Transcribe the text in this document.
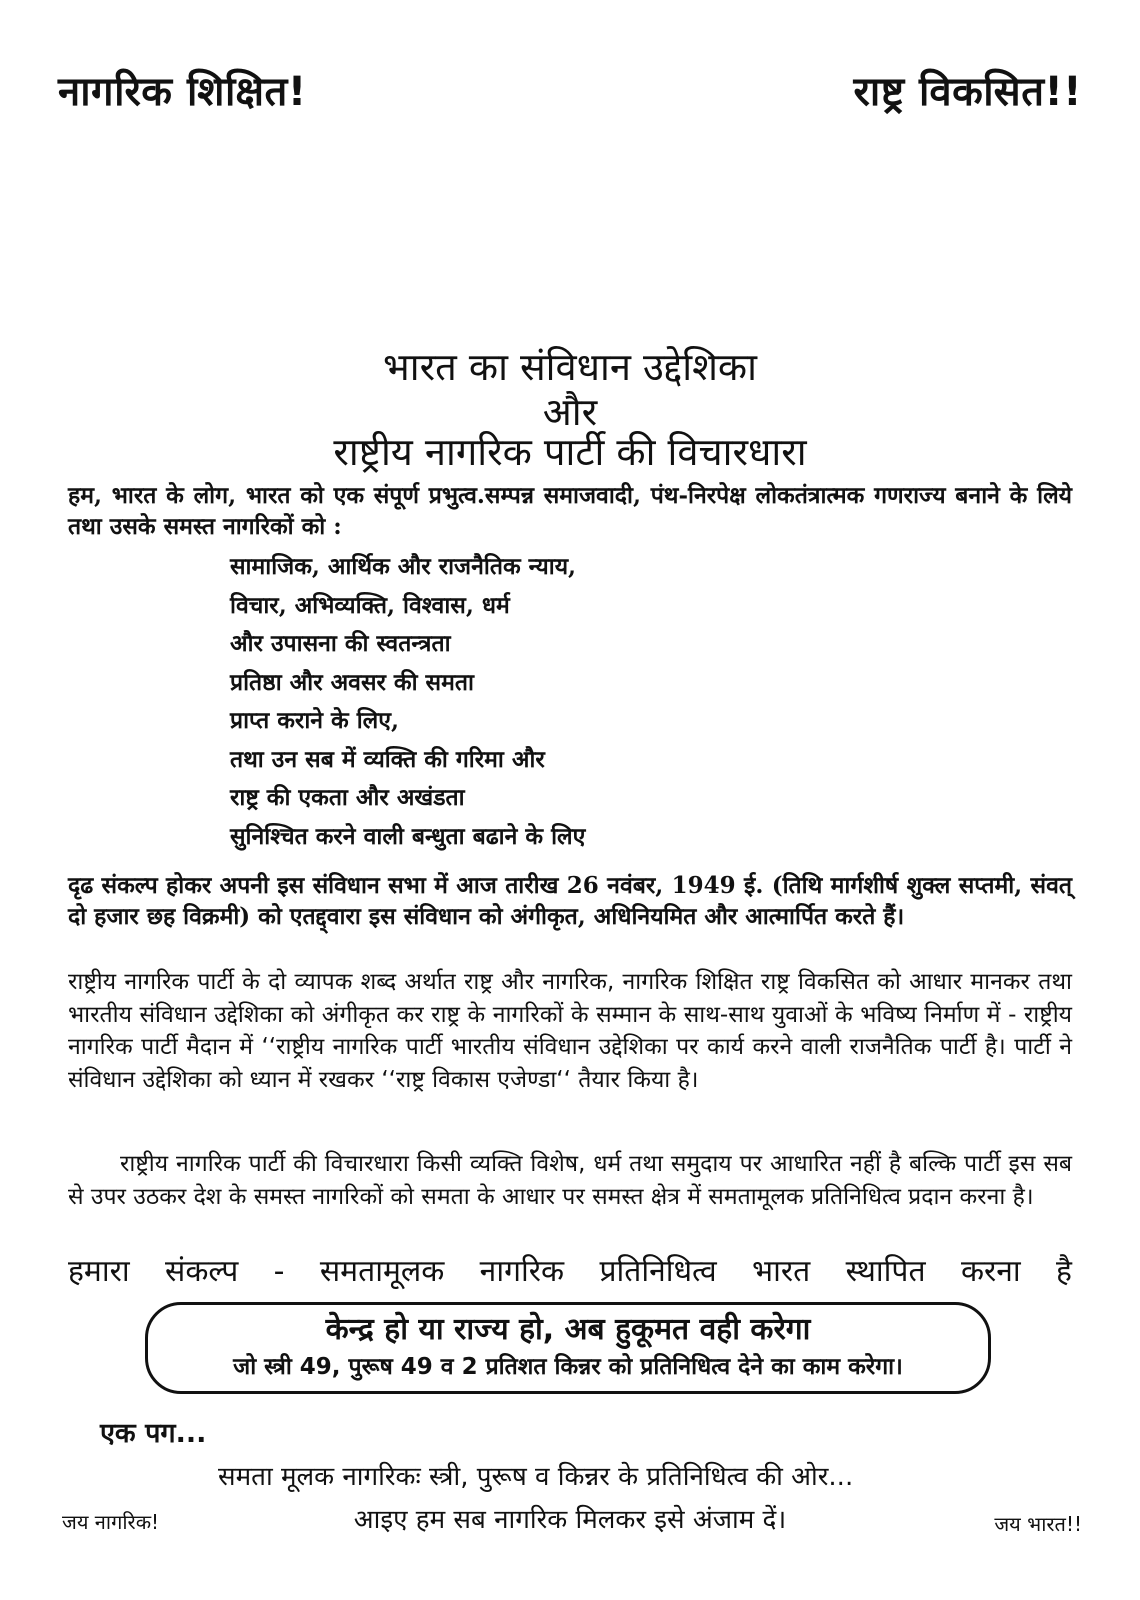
नागरिक शिक्षित!	राष्ट्र विकसित!!
भारत का संविधान उद्देशिका
और
राष्ट्रीय नागरिक पार्टी की विचारधारा
हम, भारत के लोग, भारत को एक संपूर्ण प्रभुत्व.सम्पन्न समाजवादी, पंथ-निरपेक्ष लोकतंत्रात्मक गणराज्य बनाने के लिये तथा उसके समस्त नागरिकों को :
सामाजिक, आर्थिक और राजनैतिक न्याय,
विचार, अभिव्यक्ति, विश्वास, धर्म
और उपासना की स्वतन्त्रता
प्रतिष्ठा और अवसर की समता
प्राप्त कराने के लिए,
तथा उन सब में व्यक्ति की गरिमा और
राष्ट्र की एकता और अखंडता
सुनिश्चित करने वाली बन्धुता बढाने के लिए
दृढ संकल्प होकर अपनी इस संविधान सभा में आज तारीख 26 नवंबर, 1949 ई. (तिथि मार्गशीर्ष शुक्ल सप्तमी, संवत् दो हजार छह विक्रमी) को एतद्द्वारा इस संविधान को अंगीकृत, अधिनियमित और आत्मार्पित करते हैं।
राष्ट्रीय नागरिक पार्टी के दो व्यापक शब्द अर्थात राष्ट्र और नागरिक, नागरिक शिक्षित राष्ट्र विकसित को आधार मानकर तथा भारतीय संविधान उद्देशिका को अंगीकृत कर राष्ट्र के नागरिकों के सम्मान के साथ-साथ युवाओं के भविष्य निर्माण में - राष्ट्रीय नागरिक पार्टी मैदान में ‘‘राष्ट्रीय नागरिक पार्टी भारतीय संविधान उद्देशिका पर कार्य करने वाली राजनैतिक पार्टी है। पार्टी ने संविधान उद्देशिका को ध्यान में रखकर ‘‘राष्ट्र विकास एजेण्डा‘‘ तैयार किया है।
राष्ट्रीय नागरिक पार्टी की विचारधारा किसी व्यक्ति विशेष, धर्म तथा समुदाय पर आधारित नहीं है बल्कि पार्टी इस सब से उपर उठकर देश के समस्त नागरिकों को समता के आधार पर समस्त क्षेत्र में समतामूलक प्रतिनिधित्व प्रदान करना है।
हमारा संकल्प - समतामूलक नागरिक प्रतिनिधित्व भारत स्थापित करना है
केन्द्र हो या राज्य हो, अब हुकूमत वही करेगा
जो स्त्री 49, पुरूष 49 व 2 प्रतिशत किन्नर को प्रतिनिधित्व देने का काम करेगा।
एक पग...
समता मूलक नागरिकः स्त्री, पुरूष व किन्नर के प्रतिनिधित्व की ओर...
जय नागरिक!	आइए हम सब नागरिक मिलकर इसे अंजाम दें।	जय भारत!!
